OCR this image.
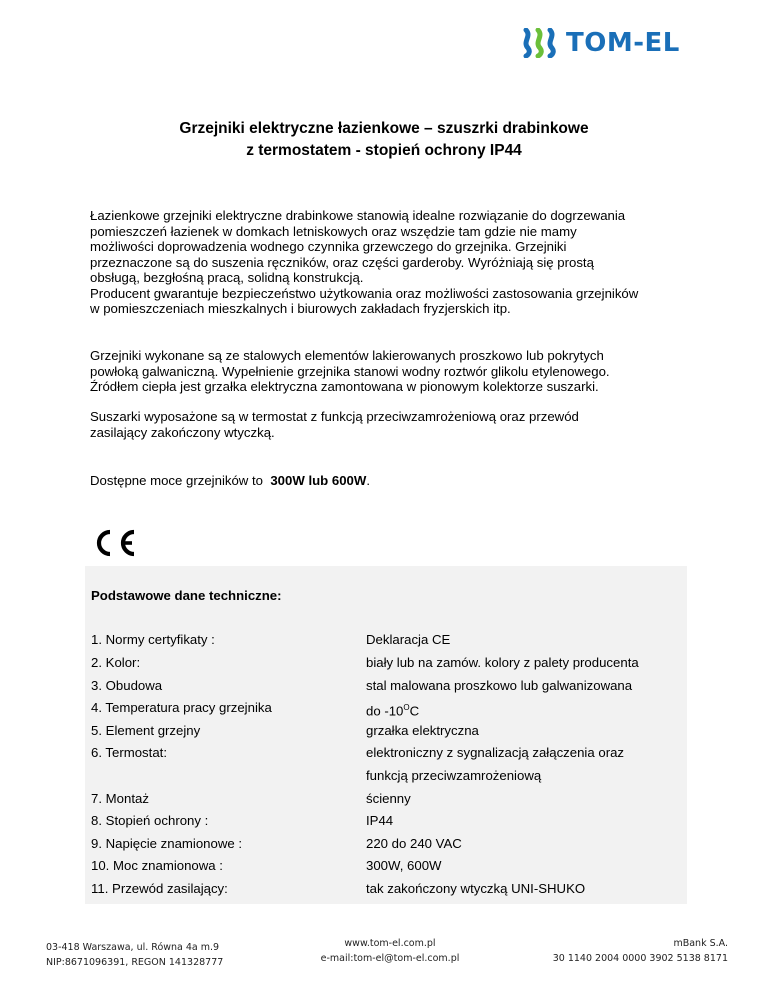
TOM-EL
Grzejniki elektryczne łazienkowe – szuszrki drabinkowe
z termostatem - stopień ochrony IP44
Łazienkowe grzejniki elektryczne drabinkowe stanowią idealne rozwiązanie do dogrzewania
pomieszczeń łazienek w domkach letniskowych oraz wszędzie tam gdzie nie mamy
możliwości doprowadzenia wodnego czynnika grzewczego do grzejnika. Grzejniki
przeznaczone są do suszenia ręczników, oraz części garderoby. Wyróżniają się prostą
obsługą, bezgłośną pracą, solidną konstrukcją.
Producent gwarantuje bezpieczeństwo użytkowania oraz możliwości zastosowania grzejników
w pomieszczeniach mieszkalnych i biurowych zakładach fryzjerskich itp.
Grzejniki wykonane są ze stalowych elementów lakierowanych proszkowo lub pokrytych
powłoką galwaniczną. Wypełnienie grzejnika stanowi wodny roztwór glikolu etylenowego.
Źródłem ciepła jest grzałka elektryczna zamontowana w pionowym kolektorze suszarki.
Suszarki wyposażone są w termostat z funkcją przeciwzamrożeniową oraz przewód
zasilający zakończony wtyczką.
Dostępne moce grzejników to  300W lub 600W.
Podstawowe dane techniczne:
1. Normy certyfikaty :	Deklaracja CE
2. Kolor:	biały lub na zamów. kolory z palety producenta
3. Obudowa	stal malowana proszkowo lub galwanizowana
4. Temperatura pracy grzejnika	do $-10^OC$
5. Element grzejny	grzałka elektryczna
6. Termostat:	elektroniczny z sygnalizacją załączenia oraz
funkcją przeciwzamrożeniową
7. Montaż	ścienny
8. Stopień ochrony :	IP44
9. Napięcie znamionowe :	220 do 240 VAC
10. Moc znamionowa :	300W, 600W
11. Przewód zasilający:	tak zakończony wtyczką UNI-SHUKO
03-418 Warszawa, ul. Równa 4a m.9
NIP:8671096391, REGON 141328777
www.tom-el.com.pl
e-mail:tom-el@tom-el.com.pl
mBank S.A.
30 1140 2004 0000 3902 5138 8171
